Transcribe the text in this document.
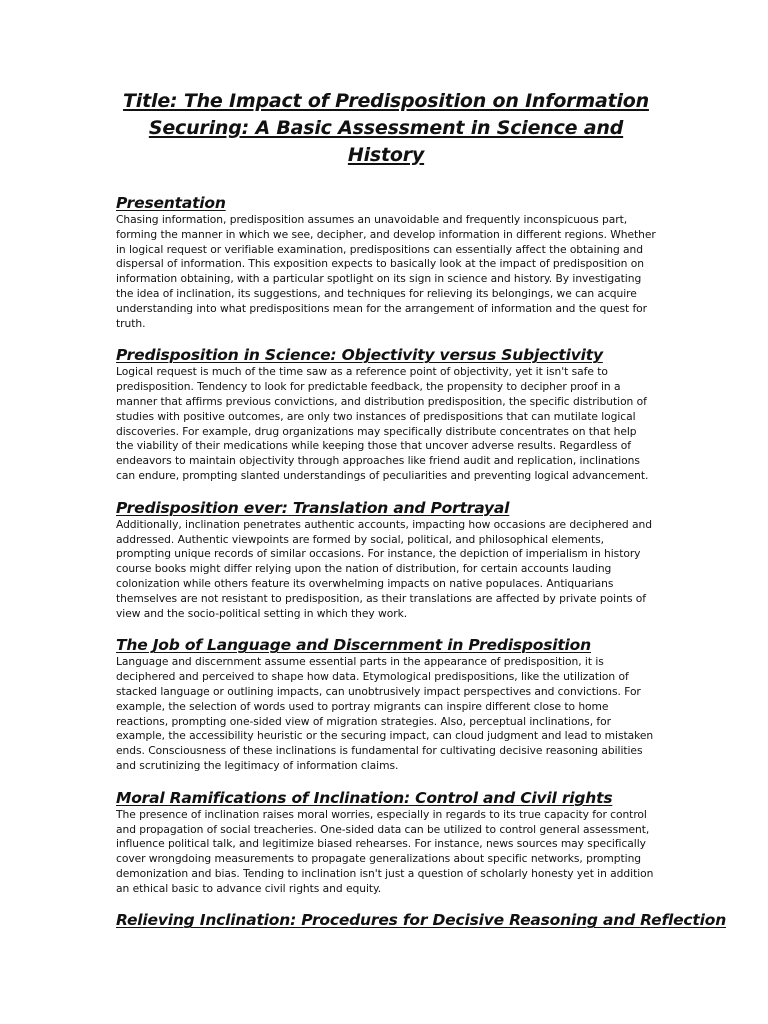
Title: The Impact of Predisposition on Information Securing: A Basic Assessment in Science and History
Presentation

Chasing information, predisposition assumes an unavoidable and frequently inconspicuous part, forming the manner in which we see, decipher, and develop information in different regions. Whether in logical request or verifiable examination, predispositions can essentially affect the obtaining and dispersal of information. This exposition expects to basically look at the impact of predisposition on information obtaining, with a particular spotlight on its sign in science and history. By investigating the idea of inclination, its suggestions, and techniques for relieving its belongings, we can acquire understanding into what predispositions mean for the arrangement of information and the quest for truth.

Predisposition in Science: Objectivity versus Subjectivity

Logical request is much of the time saw as a reference point of objectivity, yet it isn't safe to predisposition. Tendency to look for predictable feedback, the propensity to decipher proof in a manner that affirms previous convictions, and distribution predisposition, the specific distribution of studies with positive outcomes, are only two instances of predispositions that can mutilate logical discoveries. For example, drug organizations may specifically distribute concentrates on that help the viability of their medications while keeping those that uncover adverse results. Regardless of endeavors to maintain objectivity through approaches like friend audit and replication, inclinations can endure, prompting slanted understandings of peculiarities and preventing logical advancement.

Predisposition ever: Translation and Portrayal

Additionally, inclination penetrates authentic accounts, impacting how occasions are deciphered and addressed. Authentic viewpoints are formed by social, political, and philosophical elements, prompting unique records of similar occasions. For instance, the depiction of imperialism in history course books might differ relying upon the nation of distribution, for certain accounts lauding colonization while others feature its overwhelming impacts on native populaces. Antiquarians themselves are not resistant to predisposition, as their translations are affected by private points of view and the socio-political setting in which they work.

The Job of Language and Discernment in Predisposition

Language and discernment assume essential parts in the appearance of predisposition, it is deciphered and perceived to shape how data. Etymological predispositions, like the utilization of stacked language or outlining impacts, can unobtrusively impact perspectives and convictions. For example, the selection of words used to portray migrants can inspire different close to home reactions, prompting one-sided view of migration strategies. Also, perceptual inclinations, for example, the accessibility heuristic or the securing impact, can cloud judgment and lead to mistaken ends. Consciousness of these inclinations is fundamental for cultivating decisive reasoning abilities and scrutinizing the legitimacy of information claims.

Moral Ramifications of Inclination: Control and Civil rights

The presence of inclination raises moral worries, especially in regards to its true capacity for control and propagation of social treacheries. One-sided data can be utilized to control general assessment, influence political talk, and legitimize biased rehearses. For instance, news sources may specifically cover wrongdoing measurements to propagate generalizations about specific networks, prompting demonization and bias. Tending to inclination isn't just a question of scholarly honesty yet in addition an ethical basic to advance civil rights and equity.

Relieving Inclination: Procedures for Decisive Reasoning and Reflection
